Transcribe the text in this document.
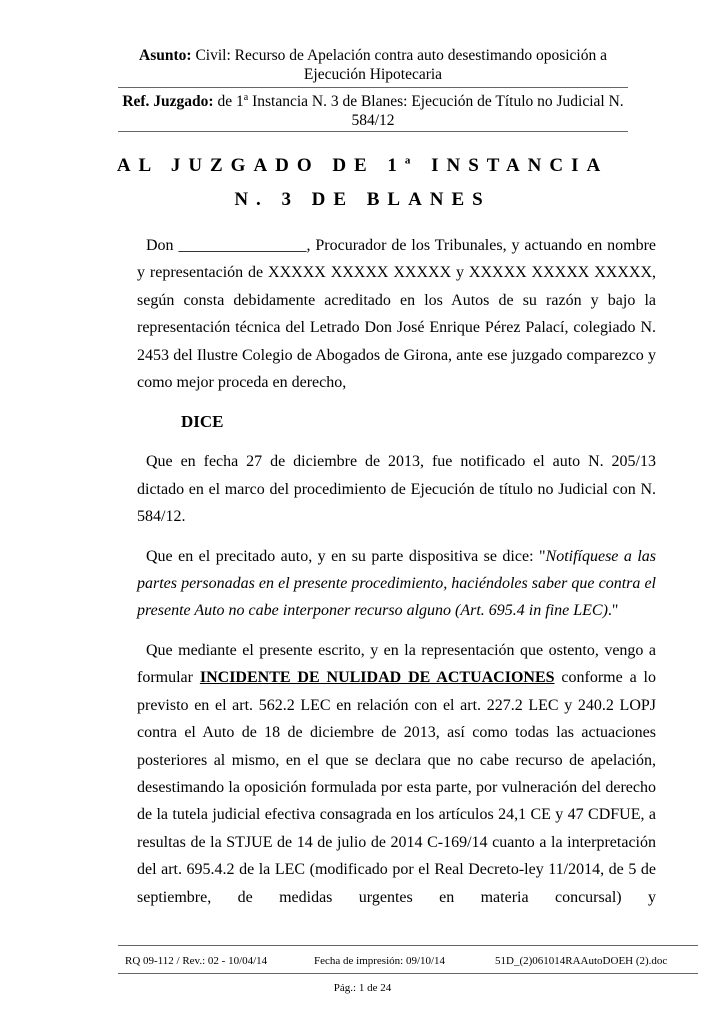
Asunto: Civil: Recurso de Apelación contra auto desestimando oposición a Ejecución Hipotecaria
Ref. Juzgado: de 1$^a$ Instancia N. 3 de Blanes: Ejecución de Título no Judicial N. 584/12
AL JUZGADO DE 1$^a$ INSTANCIA
N. 3 DE BLANES
Don ________________, Procurador de los Tribunales, y actuando en nombre y representación de XXXXX XXXXX XXXXX y XXXXX XXXXX XXXXX, según consta debidamente acreditado en los Autos de su razón y bajo la representación técnica del Letrado Don José Enrique Pérez Palací, colegiado N. 2453 del Ilustre Colegio de Abogados de Girona, ante ese juzgado comparezco y como mejor proceda en derecho,
DICE
Que en fecha 27 de diciembre de 2013, fue notificado el auto N. 205/13 dictado en el marco del procedimiento de Ejecución de título no Judicial con N. 584/12.
Que en el precitado auto, y en su parte dispositiva se dice: "Notifíquese a las partes personadas en el presente procedimiento, haciéndoles saber que contra el presente Auto no cabe interponer recurso alguno (Art. 695.4 in fine LEC)."
Que mediante el presente escrito, y en la representación que ostento, vengo a formular INCIDENTE DE NULIDAD DE ACTUACIONES conforme a lo previsto en el art. 562.2 LEC en relación con el art. 227.2 LEC y 240.2 LOPJ contra el Auto de 18 de diciembre de 2013, así como todas las actuaciones posteriores al mismo, en el que se declara que no cabe recurso de apelación, desestimando la oposición formulada por esta parte, por vulneración del derecho de la tutela judicial efectiva consagrada en los artículos 24,1 CE y 47 CDFUE, a resultas de la STJUE de 14 de julio de 2014 C-169/14 cuanto a la interpretación del art. 695.4.2 de la LEC (modificado por el Real Decreto-ley 11/2014, de 5 de septiembre, de medidas urgentes en materia concursal) y
RQ 09-112 / Rev.: 02 - 10/04/14	Fecha de impresión: 09/10/14	51D_(2)061014RAAutoDOEH (2).doc
Pág.: 1 de 24
